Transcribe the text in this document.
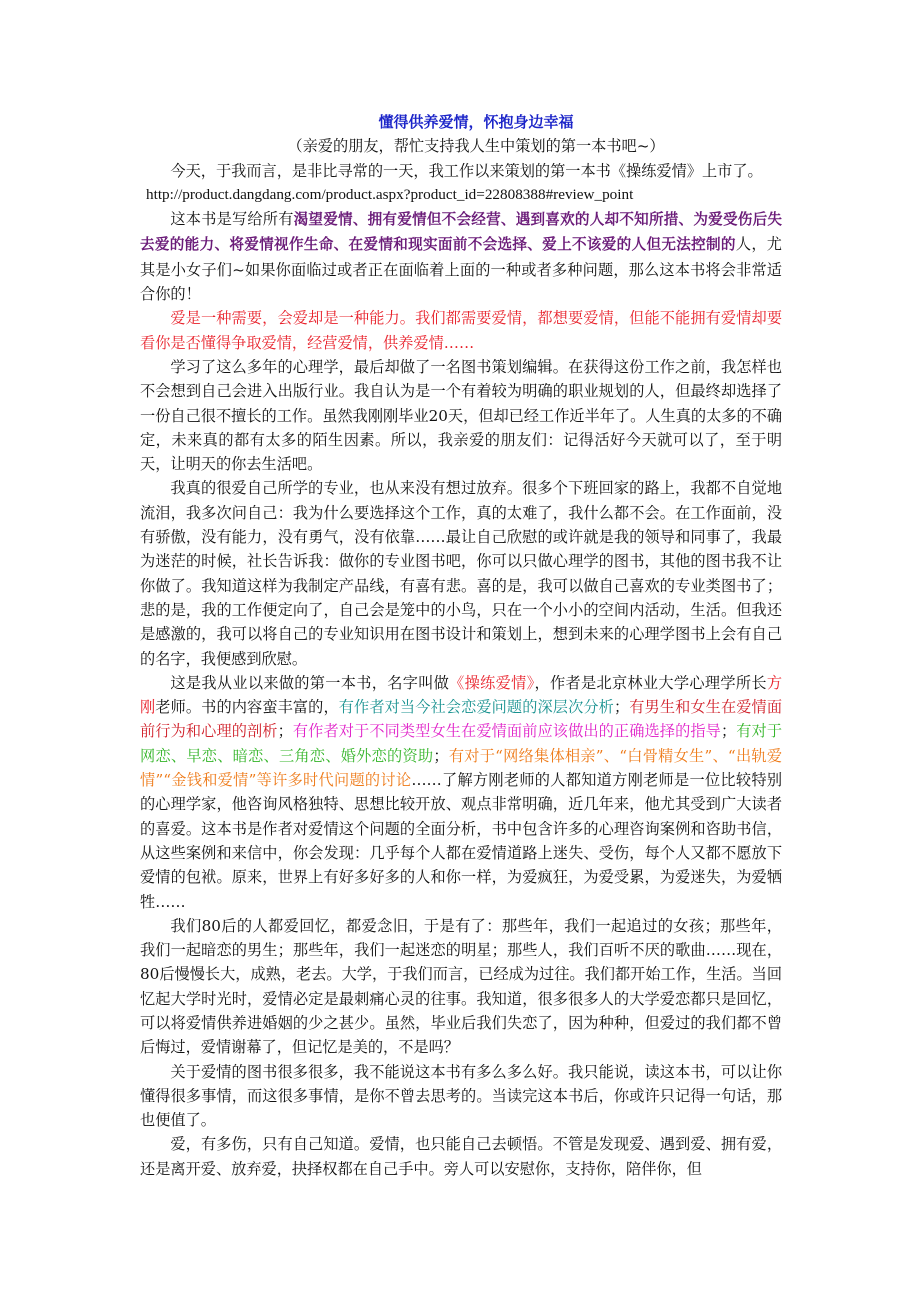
懂得供养爱情，怀抱身边幸福
（亲爱的朋友，帮忙支持我人生中策划的第一本书吧~）

今天，于我而言，是非比寻常的一天，我工作以来策划的第一本书《操练爱情》上市了。

http://product.dangdang.com/product.aspx?product_id=22808388#review_point

这本书是写给所有渴望爱情、拥有爱情但不会经营、遇到喜欢的人却不知所措、为爱受伤后失去爱的能力、将爱情视作生命、在爱情和现实面前不会选择、爱上不该爱的人但无法控制的人，尤其是小女子们~如果你面临过或者正在面临着上面的一种或者多种问题，那么这本书将会非常适合你的！

爱是一种需要，会爱却是一种能力。我们都需要爱情，都想要爱情，但能不能拥有爱情却要看你是否懂得争取爱情，经营爱情，供养爱情……

学习了这么多年的心理学，最后却做了一名图书策划编辑。在获得这份工作之前，我怎样也不会想到自己会进入出版行业。我自认为是一个有着较为明确的职业规划的人，但最终却选择了一份自己很不擅长的工作。虽然我刚刚毕业20天，但却已经工作近半年了。人生真的太多的不确定，未来真的都有太多的陌生因素。所以，我亲爱的朋友们：记得活好今天就可以了，至于明天，让明天的你去生活吧。

我真的很爱自己所学的专业，也从来没有想过放弃。很多个下班回家的路上，我都不自觉地流泪，我多次问自己：我为什么要选择这个工作，真的太难了，我什么都不会。在工作面前，没有骄傲，没有能力，没有勇气，没有依靠……最让自己欣慰的或许就是我的领导和同事了，我最为迷茫的时候，社长告诉我：做你的专业图书吧，你可以只做心理学的图书，其他的图书我不让你做了。我知道这样为我制定产品线，有喜有悲。喜的是，我可以做自己喜欢的专业类图书了；悲的是，我的工作便定向了，自己会是笼中的小鸟，只在一个小小的空间内活动，生活。但我还是感激的，我可以将自己的专业知识用在图书设计和策划上，想到未来的心理学图书上会有自己的名字，我便感到欣慰。

这是我从业以来做的第一本书，名字叫做《操练爱情》，作者是北京林业大学心理学所长方刚老师。书的内容蛮丰富的，有作者对当今社会恋爱问题的深层次分析；有男生和女生在爱情面前行为和心理的剖析；有作者对于不同类型女生在爱情面前应该做出的正确选择的指导；有对于网恋、早恋、暗恋、三角恋、婚外恋的资助；有对于“网络集体相亲”、“白骨精女生”、“出轨爱情”“金钱和爱情”等许多时代问题的讨论……了解方刚老师的人都知道方刚老师是一位比较特别的心理学家，他咨询风格独特、思想比较开放、观点非常明确，近几年来，他尤其受到广大读者的喜爱。这本书是作者对爱情这个问题的全面分析，书中包含许多的心理咨询案例和咨助书信，从这些案例和来信中，你会发现：几乎每个人都在爱情道路上迷失、受伤，每个人又都不愿放下爱情的包袱。原来，世界上有好多好多的人和你一样，为爱疯狂，为爱受累，为爱迷失，为爱牺牲……

我们80后的人都爱回忆，都爱念旧，于是有了：那些年，我们一起追过的女孩；那些年，我们一起暗恋的男生；那些年，我们一起迷恋的明星；那些人，我们百听不厌的歌曲……现在，80后慢慢长大，成熟，老去。大学，于我们而言，已经成为过往。我们都开始工作，生活。当回忆起大学时光时，爱情必定是最刺痛心灵的往事。我知道，很多很多人的大学爱恋都只是回忆，可以将爱情供养进婚姻的少之甚少。虽然，毕业后我们失恋了，因为种种，但爱过的我们都不曾后悔过，爱情谢幕了，但记忆是美的，不是吗？

关于爱情的图书很多很多，我不能说这本书有多么多么好。我只能说，读这本书，可以让你懂得很多事情，而这很多事情，是你不曾去思考的。当读完这本书后，你或许只记得一句话，那也便值了。

爱，有多伤，只有自己知道。爱情，也只能自己去顿悟。不管是发现爱、遇到爱、拥有爱，还是离开爱、放弃爱，抉择权都在自己手中。旁人可以安慰你，支持你，陪伴你，但
